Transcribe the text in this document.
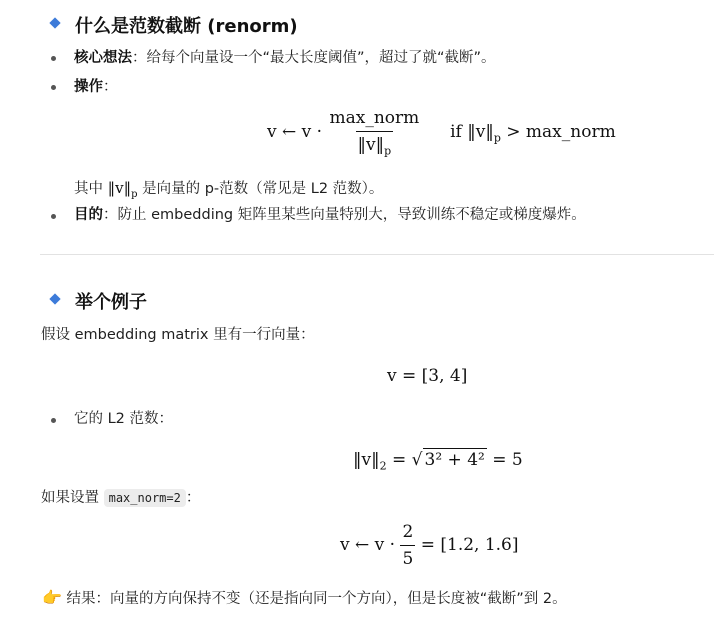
什么是范数截断 (renorm)
核心想法：给每个向量设一个“最大长度阈值”，超过了就“截断”。
操作：
v ← $v \cdot \frac{\text{max\_norm}}{‖v‖_p}$ if $‖v‖_p$ > max_norm
其中 $‖v‖_p$ 是向量的 p-范数（常见是 L2 范数）。
目的：防止 embedding 矩阵里某些向量特别大，导致训练不稳定或梯度爆炸。
举个例子
假设 embedding matrix 里有一行向量：
v = [3, 4]
它的 L2 范数：
$‖v‖_2$ = √ 3² + 4² = 5
如果设置 max_norm=2 ：
v ← $v \cdot \frac{2}{5} = [1.2$, 1.6]
👉 结果：向量的方向保持不变（还是指向同一个方向），但是长度被“截断”到 2。
